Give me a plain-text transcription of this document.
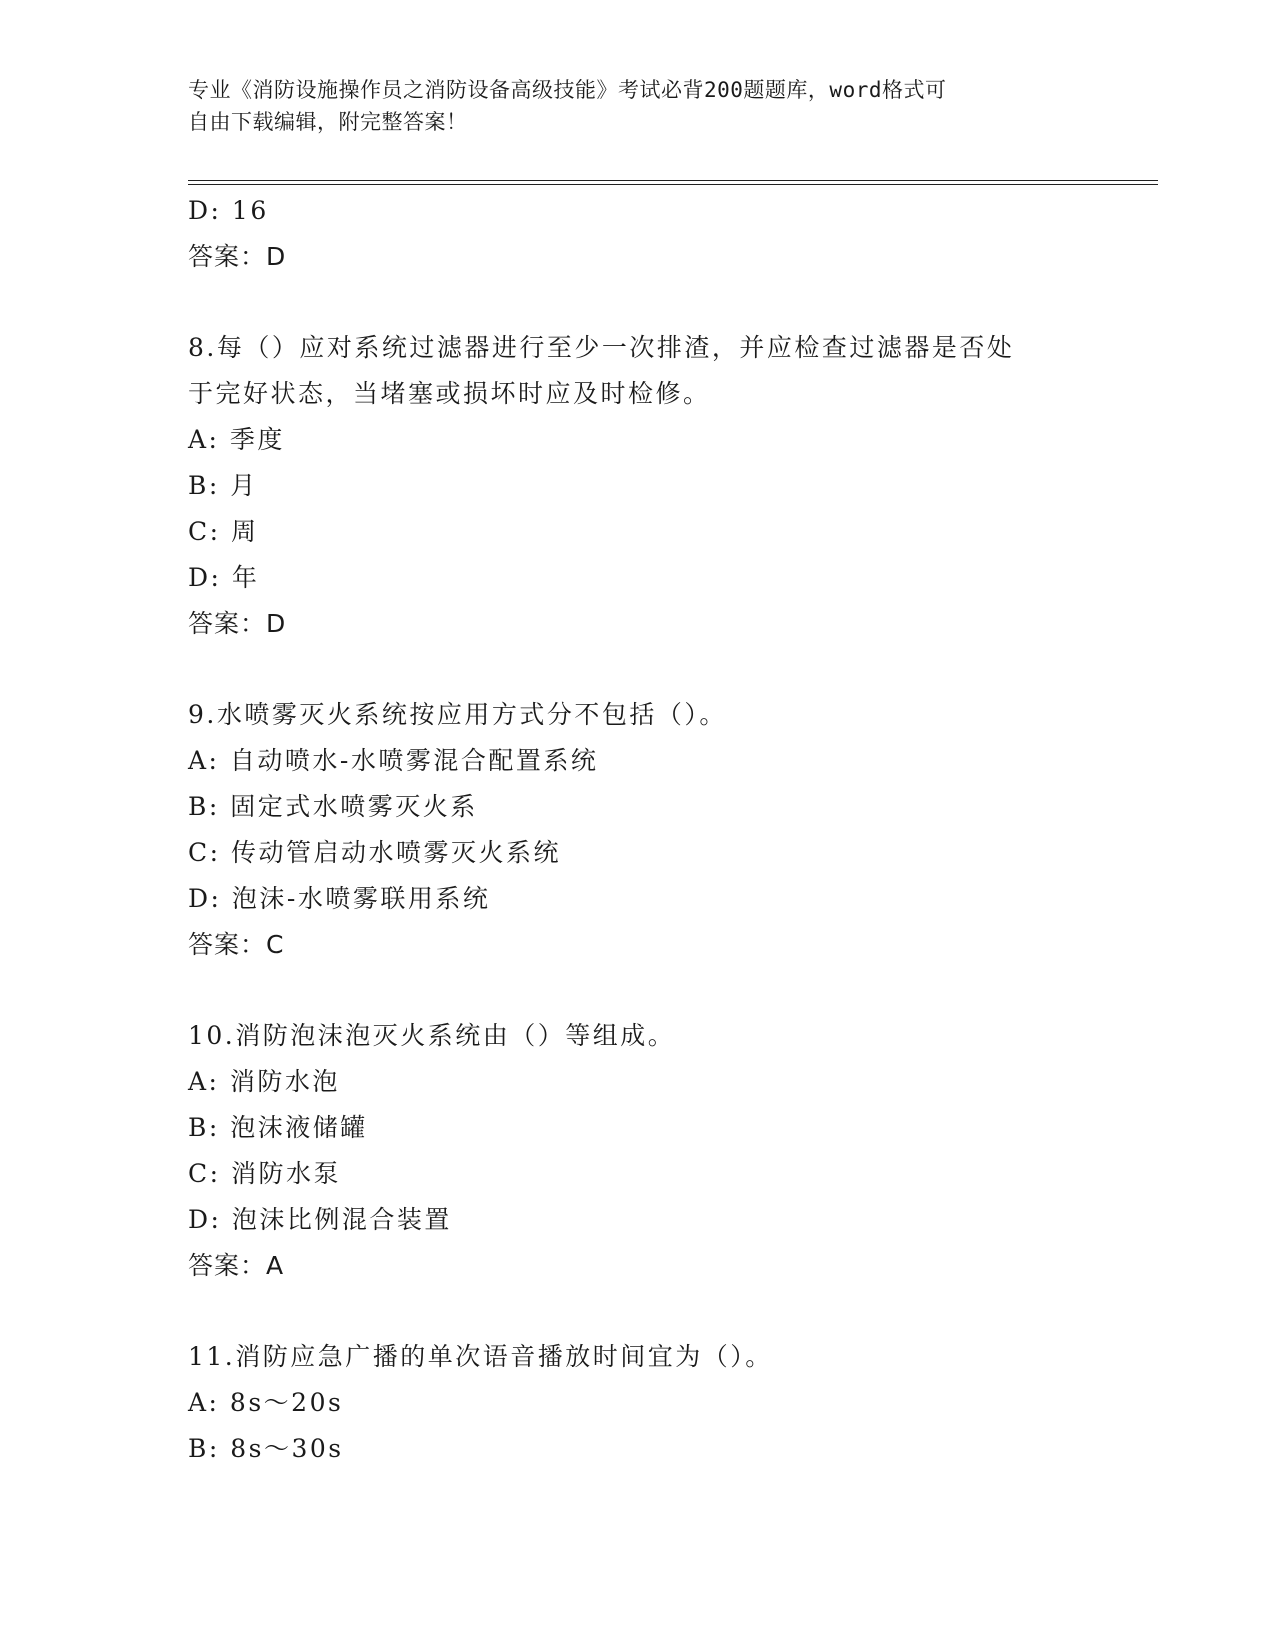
专业《消防设施操作员之消防设备高级技能》考试必背200题题库，word格式可
自由下载编辑，附完整答案！
D: 16
答案：D
8.每（）应对系统过滤器进行至少一次排渣，并应检查过滤器是否处
于完好状态，当堵塞或损坏时应及时检修。
A: 季度
B: 月
C: 周
D: 年
答案：D
9.水喷雾灭火系统按应用方式分不包括（）。
A: 自动喷水-水喷雾混合配置系统
B: 固定式水喷雾灭火系
C: 传动管启动水喷雾灭火系统
D: 泡沫-水喷雾联用系统
答案：C
10.消防泡沫泡灭火系统由（）等组成。
A: 消防水泡
B: 泡沫液储罐
C: 消防水泵
D: 泡沫比例混合装置
答案：A
11.消防应急广播的单次语音播放时间宜为（）。
A: 8s～20s
B: 8s～30s
